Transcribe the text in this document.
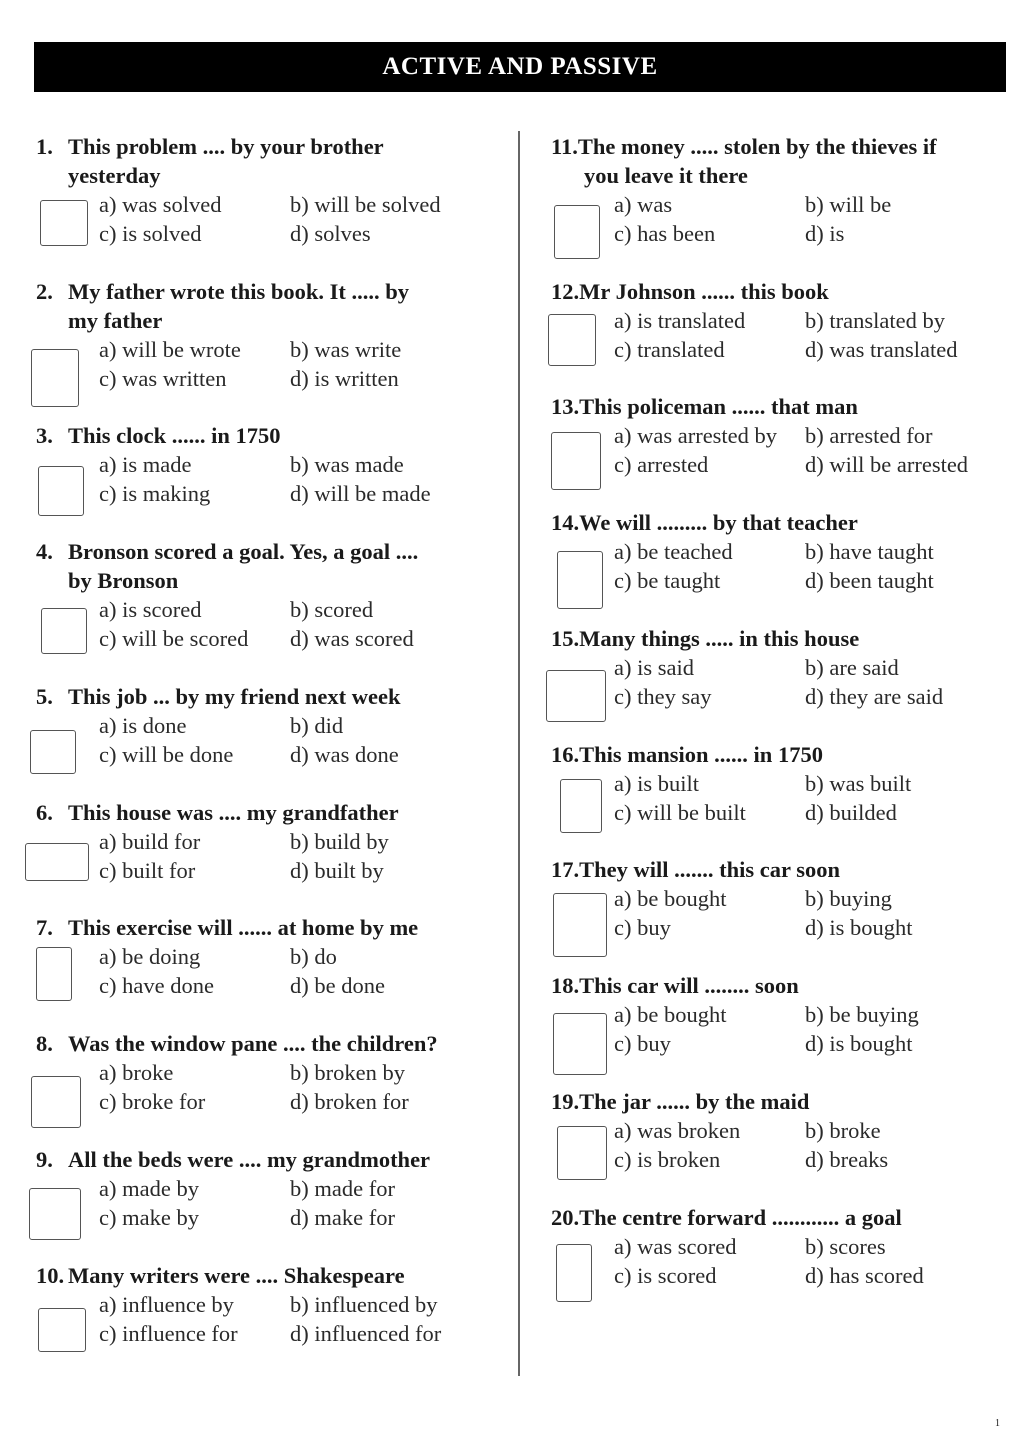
ACTIVE AND PASSIVE
1. This problem .... by your brother
yesterday
a) was solved	b) will be solved
c) is solved	d) solves
2. My father wrote this book. It ..... by
my father
a) will be wrote b) was write
c) was written	d) is written
3. This clock ...... in 1750
a) is made	b) was made
c) is making	d) will be made
4. Bronson scored a goal. Yes, a goal ....
by Bronson
a) is scored	b) scored
c) will be scored d) was scored
5. This job ... by my friend next week
a) is done	b) did
c) will be done	d) was done
6. This house was .... my grandfather
a) build for	b) build by
c) built for	d) built by
7. This exercise will ...... at home by me
a) be doing	b) do
c) have done	d) be done
8. Was the window pane .... the children?
a) broke	b) broken by
c) broke for	d) broken for
9. All the beds were .... my grandmother
a) made by	b) made for
c) make by	d) make for
10. Many writers were .... Shakespeare
a) influence by b) influenced by
c) influence for d) influenced for
11.The money ..... stolen by the thieves if
you leave it there
a) was	b) will be
c) has been	d) is
12.Mr Johnson ...... this book
a) is translated	b) translated by
c) translated	d) was translated
13.This policeman ...... that man
a) was arrested by b) arrested for
c) arrested	d) will be arrested
14.We will ......... by that teacher
a) be teached	b) have taught
c) be taught	d) been taught
15.Many things ..... in this house
a) is said	b) are said
c) they say	d) they are said
16.This mansion ...... in 1750
a) is built	b) was built
c) will be built	d) builded
17.They will ....... this car soon
a) be bought	b) buying
c) buy	d) is bought
18.This car will ........ soon
a) be bought	b) be buying
c) buy	d) is bought
19.The jar ...... by the maid
a) was broken	b) broke
c) is broken	d) breaks
20.The centre forward ............ a goal
a) was scored	b) scores
c) is scored	d) has scored
1
